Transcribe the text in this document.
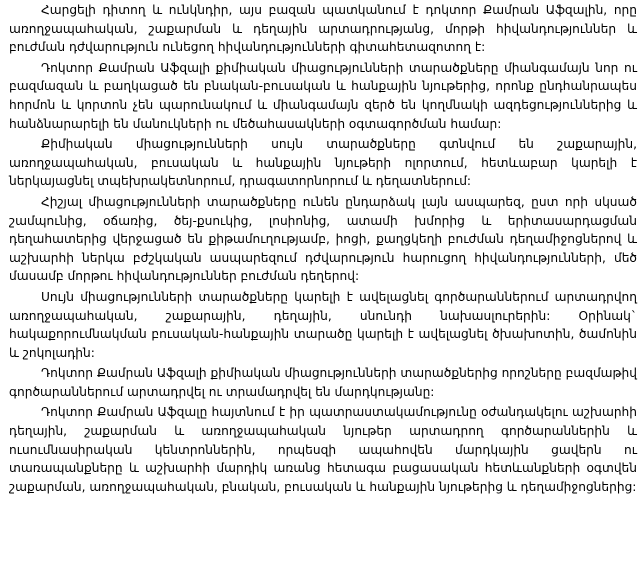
Հարցելի դիտող և ունկնդիր, այս բազան պատկանում է դոկտոր Քամրան Աֆզալին, որը առողջապահական, շաքարման և դեղային արտադրությանց, մորթի հիվանդություններ և բուժման դժվարություն ունեցող հիվանդությունների գիտահետազոտող է:

Դոկտոր Քամրան Աֆզալի քիմիական միացությունների տարածքները միանգամայն նոր ու բազմազան և բաղկացած են բնական-բուսական և հանքային նյութերից, որոնք ընդհանրապես հորմոն և կորտոն չեն պարունակում և միանգամայն զերծ են կողմնակի ազդեցություններից և հանձնարարելի են մանուկների ու մեծահասակների օգտագործման համար:

Քիմիական միացությունների սույն տարածքները գտնվում են շաքարային, առողջապահական, բուսական և հանքային նյութերի ոլորտում, հետևաբար կարելի է ներկայացնել տպեխրակետնորում, դրագատորնորում և դեղատներում:

Հիշյալ միացությունների տարածքները ունեն ընդարձակ լայն ասպարեզ, ըստ որի սկսած շամպունից, օճառից, ծեյ-քսուկից, լոսիոնից, ատամի խմորից և երիտասարդացման դեղահատերից վերջացած են քիթամուղությամբ, իոցի, քաղցկեղի բուժման դեղամիջոցներով և աշխարհի ներկա բժշկական ասպարեզում դժվարություն հարուցող հիվանդությունների, մեծ մասամբ մորթու հիվանդություններ բուժման դեղերով:

Սույն միացությունների տարածքները կարելի է ավելացնել գործարաններում արտադրվող առողջապահական, շաքարային, դեղային, սնունդի նախասլուրերին: Օրինակ` հակաքորումնակման բուսական-հանքային տարածը կարելի է ավելացնել ծխախոտին, ծամոնին և շոկոլադին:

Դոկտոր Քամրան Աֆզալի քիմիական միացությունների տարածքներից որոշները բազմաթիվ գործարաններում արտադրվել ու տրամադրվել են մարդկությանը:

Դոկտոր Քամրան Աֆզալը հայտնում է իր պատրաստակամությունը օժանդակելու աշխարհի դեղային, շաքարման և առողջապահական նյութեր արտադրող գործարաններին և ուսումնասիրական կենտրոններին, որպեսզի ապահովեն մարդկային ցավերն ու տառապանքները և աշխարհի մարդիկ առանց հետագա բացասական հետևանքների օգտվեն շաքարման, առողջապահական, բնական, բուսական և հանքային նյութերից և դեղամիջոցներից:
